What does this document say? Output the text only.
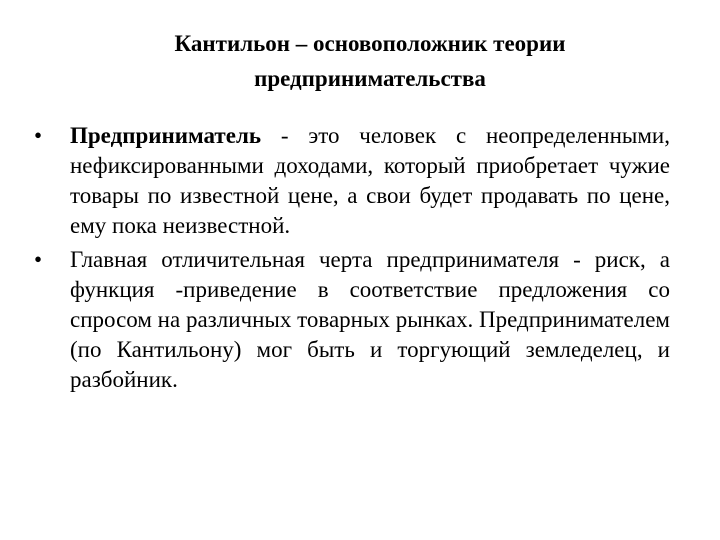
Кантильон – основоположник теории
предпринимательства
• Предприниматель - это человек с неопределенными, нефиксированными доходами, который приобретает чужие товары по известной цене, а свои будет продавать по цене, ему пока неизвестной.
• Главная отличительная черта предпринимателя - риск, а функция -приведение в соответствие предложения со спросом на различных товарных рынках. Предпринимателем (по Кантильону) мог быть и торгующий земледелец, и разбойник.
